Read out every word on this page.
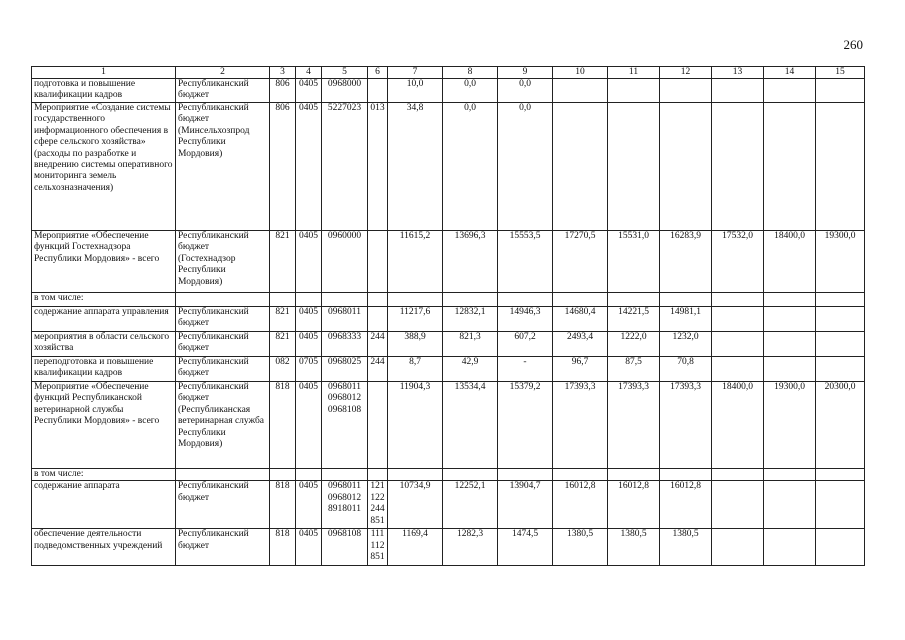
260
1	2	3	4	5	6	7	8	9	10	11	12	13	14	15
подготовка и повышение квалификации кадров	Республиканский бюджет	806	0405	0968000		10,0	0,0	0,0						
Мероприятие «Создание системы государственного информационного обеспечения в сфере сельского хозяйства» (расходы по разработке и внедрению системы оперативного мониторинга земель сельхозназначения)	Республиканский бюджет (Минсельхозпрод Республики Мордовия)	806	0405	5227023	013	34,8	0,0	0,0						
Мероприятие «Обеспечение функций Гостехнадзора Республики Мордовия» - всего	Республиканский бюджет (Гостехнадзор Республики Мордовия)	821	0405	0960000		11615,2	13696,3	15553,5	17270,5	15531,0	16283,9	17532,0	18400,0	19300,0
в том числе:														
содержание аппарата управления	Республиканский бюджет	821	0405	0968011		11217,6	12832,1	14946,3	14680,4	14221,5	14981,1			
мероприятия в области сельского хозяйства	Республиканский бюджет	821	0405	0968333	244	388,9	821,3	607,2	2493,4	1222,0	1232,0			
переподготовка и повышение квалификации кадров	Республиканский бюджет	082	0705	0968025	244	8,7	42,9	-	96,7	87,5	70,8			
Мероприятие «Обеспечение функций Республиканской ветеринарной службы Республики Мордовия» - всего	Республиканский бюджет (Республиканская ветеринарная служба Республики Мордовия)	818	0405	0968011
0968012
0968108		11904,3	13534,4	15379,2	17393,3	17393,3	17393,3	18400,0	19300,0	20300,0
в том числе:														
содержание аппарата	Республиканский бюджет	818	0405	0968011
0968012
8918011	121
122
244
851	10734,9	12252,1	13904,7	16012,8	16012,8	16012,8			
обеспечение деятельности подведомственных учреждений	Республиканский бюджет	818	0405	0968108	111
112
851	1169,4	1282,3	1474,5	1380,5	1380,5	1380,5			
